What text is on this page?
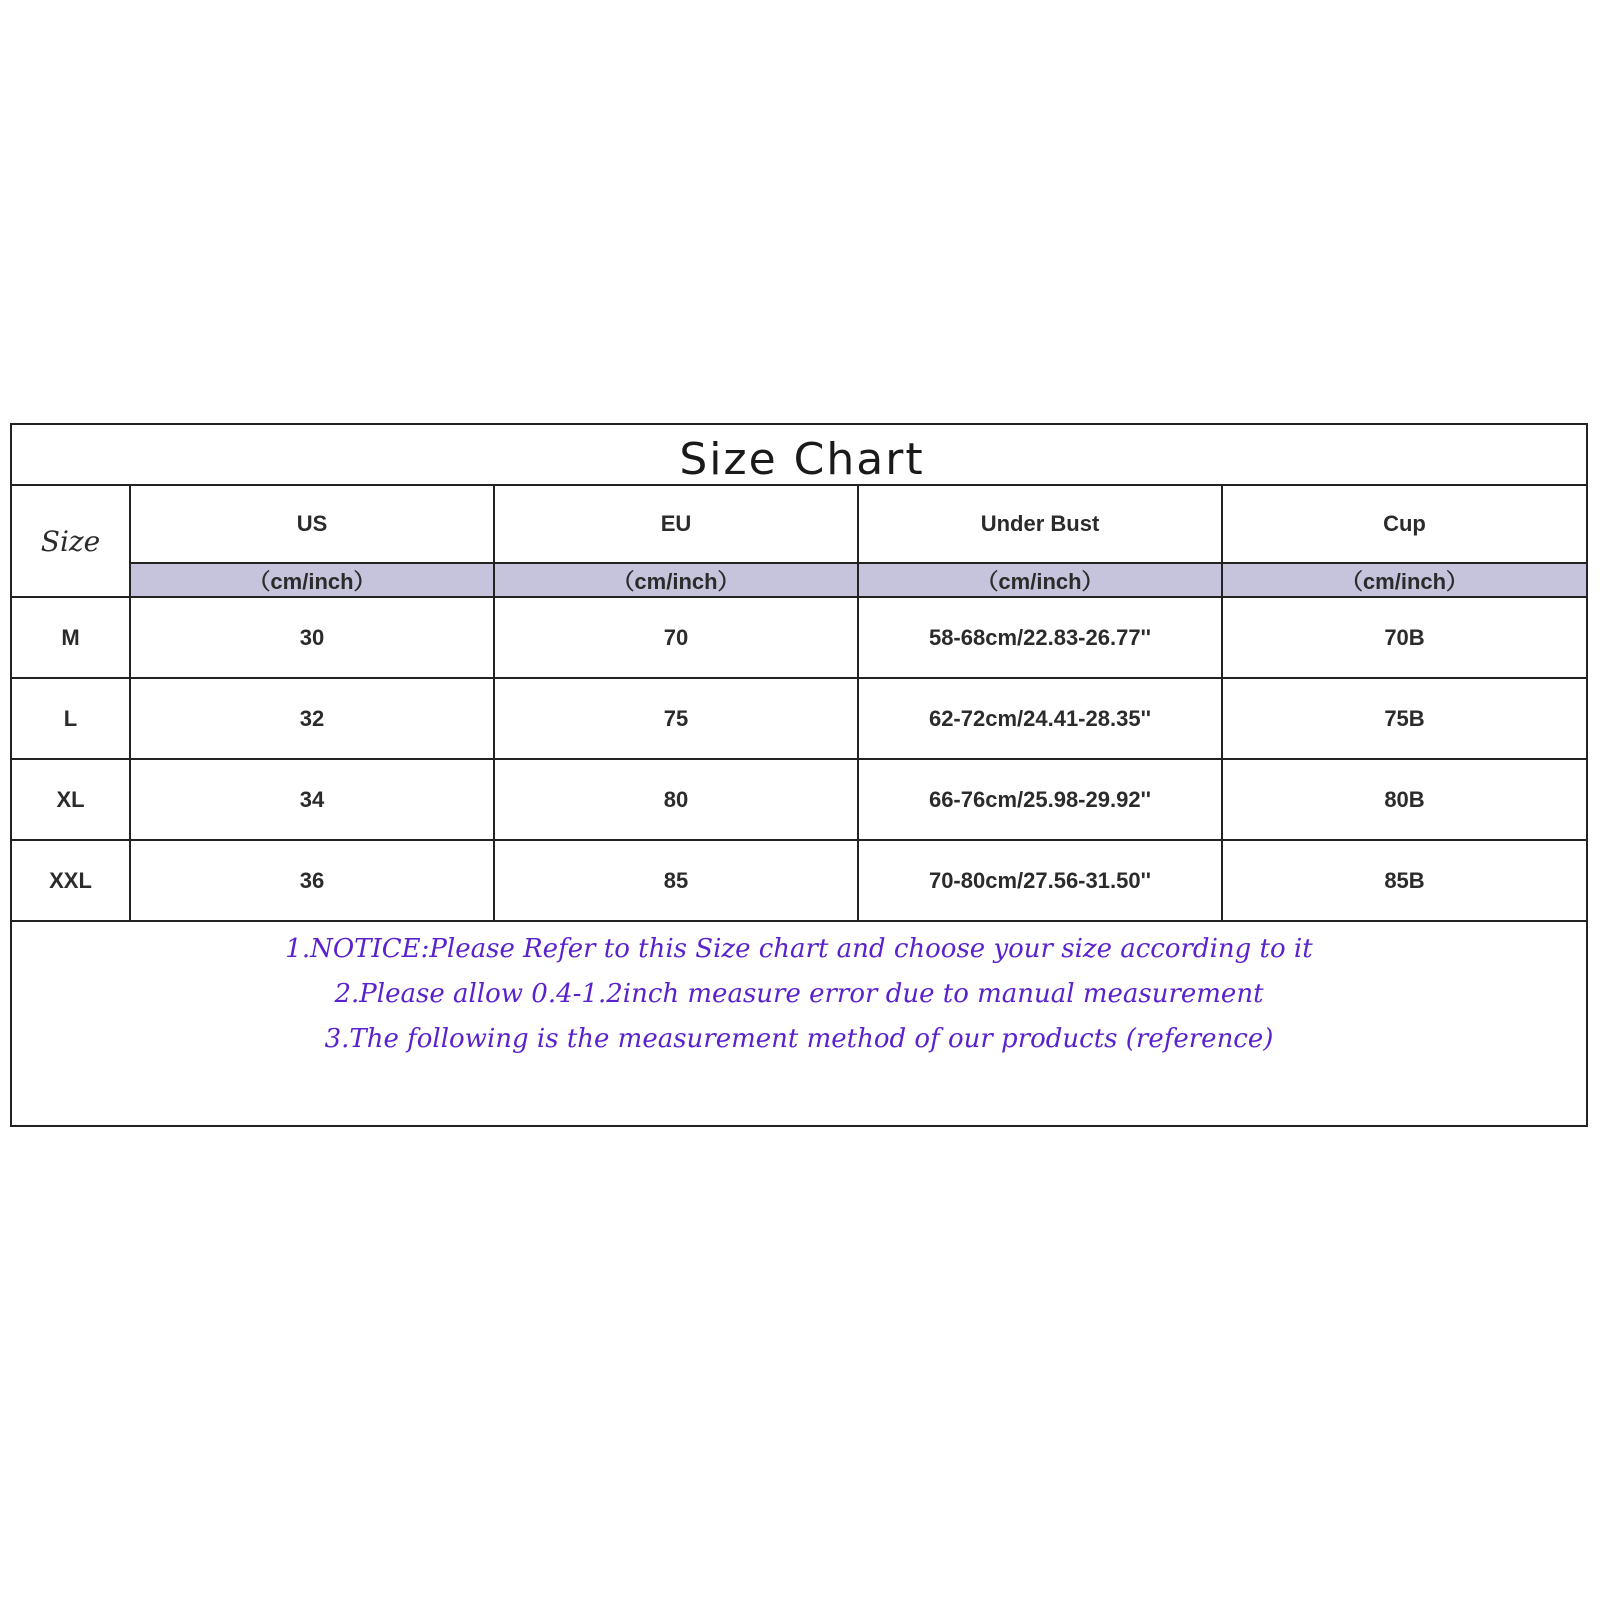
Size Chart
Size	US	EU	Under Bust	Cup
	（cm/inch）	（cm/inch）	（cm/inch）	（cm/inch）
M	30	70	58-68cm/22.83-26.77''	70B
L	32	75	62-72cm/24.41-28.35''	75B
XL	34	80	66-76cm/25.98-29.92''	80B
XXL	36	85	70-80cm/27.56-31.50''	85B
1.NOTICE:Please Refer to this Size chart and choose your size according to it
2.Please allow 0.4-1.2inch measure error due to manual measurement
3.The following is the measurement method of our products (reference)
